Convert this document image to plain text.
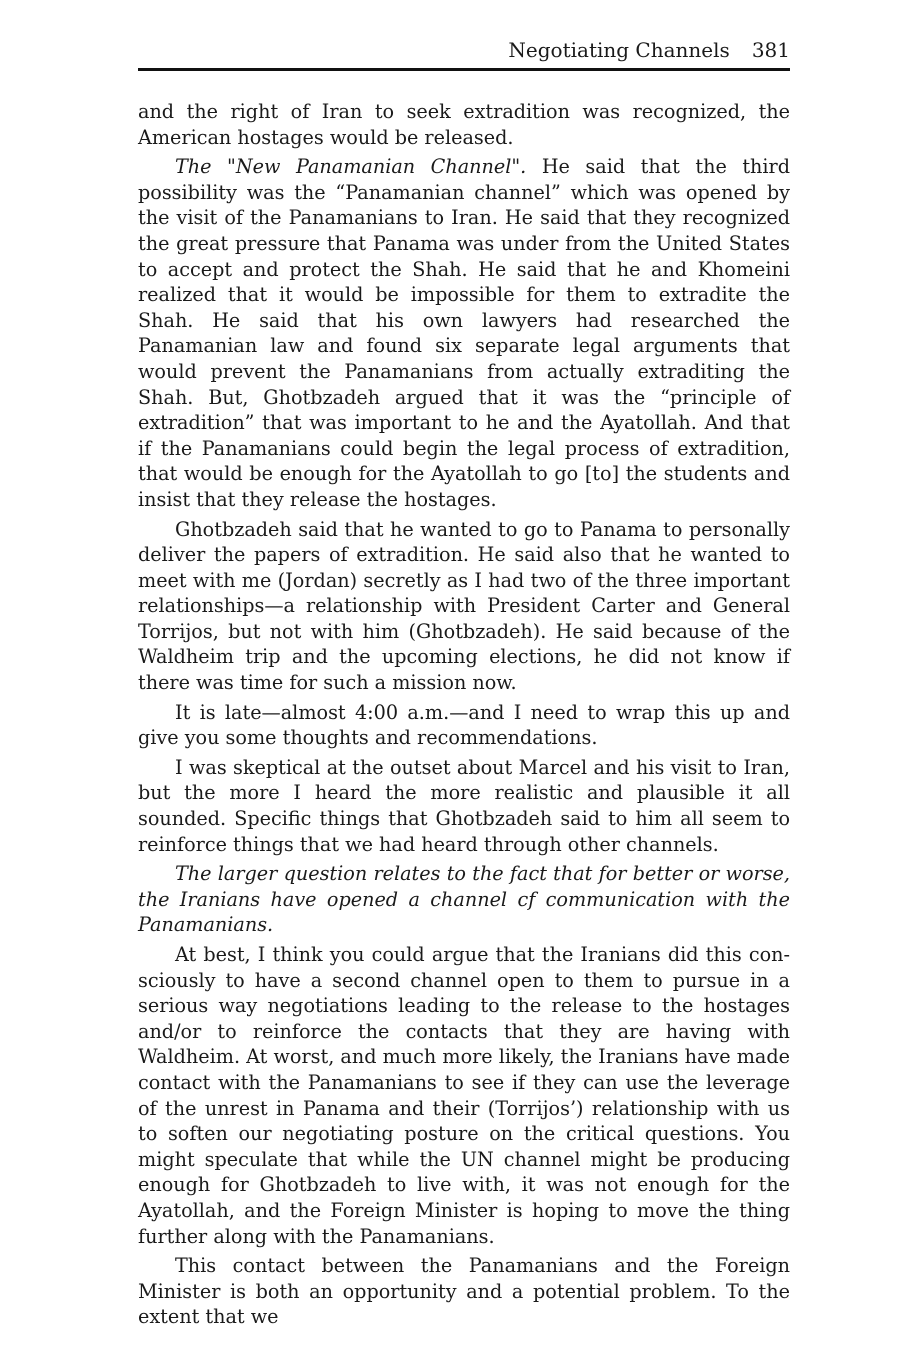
Negotiating Channels 381

and the right of Iran to seek extradition was recognized, the American hostages would be released.

The "New Panamanian Channel". He said that the third possibility was the “Panamanian channel” which was opened by the visit of the Panamanians to Iran. He said that they recognized the great pressure that Panama was under from the United States to accept and protect the Shah. He said that he and Khomeini realized that it would be impossible for them to extradite the Shah. He said that his own lawyers had researched the Panamanian law and found six separate legal arguments that would prevent the Panamanians from actually extraditing the Shah. But, Ghotbzadeh argued that it was the “principle of extradition” that was important to he and the Ayatollah. And that if the Panamanians could begin the legal process of extradition, that would be enough for the Ayatollah to go [to] the students and insist that they release the hostages.

Ghotbzadeh said that he wanted to go to Panama to personally deliver the papers of extradition. He said also that he wanted to meet with me (Jordan) secretly as I had two of the three important relationships—a relationship with President Carter and General Torrijos, but not with him (Ghotbzadeh). He said because of the Waldheim trip and the upcoming elections, he did not know if there was time for such a mission now.

It is late—almost 4:00 a.m.—and I need to wrap this up and give you some thoughts and recommendations.

I was skeptical at the outset about Marcel and his visit to Iran, but the more I heard the more realistic and plausible it all sounded. Specific things that Ghotbzadeh said to him all seem to reinforce things that we had heard through other channels.

The larger question relates to the fact that for better or worse, the Iranians have opened a channel cf communication with the Panamanians.

At best, I think you could argue that the Iranians did this consciously to have a second channel open to them to pursue in a serious way negotiations leading to the release to the hostages and/or to reinforce the contacts that they are having with Waldheim. At worst, and much more likely, the Iranians have made contact with the Panamanians to see if they can use the leverage of the unrest in Panama and their (Torrijos’) relationship with us to soften our negotiating posture on the critical questions. You might speculate that while the UN channel might be producing enough for Ghotbzadeh to live with, it was not enough for the Ayatollah, and the Foreign Minister is hoping to move the thing further along with the Panamanians.

This contact between the Panamanians and the Foreign Minister is both an opportunity and a potential problem. To the extent that we
